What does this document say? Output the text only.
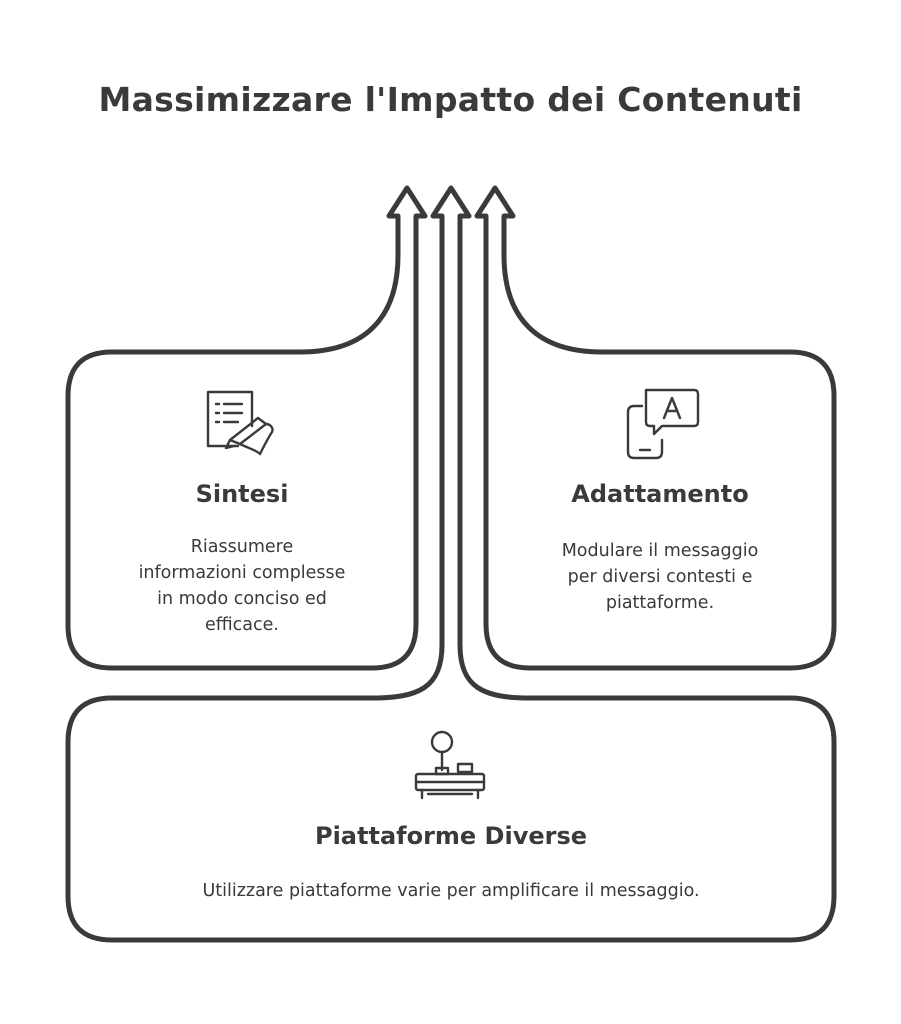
Massimizzare l'Impatto dei Contenuti
Sintesi
Riassumere
informazioni complesse
in modo conciso ed
efficace.
Adattamento
Modulare il messaggio
per diversi contesti e
piattaforme.
Piattaforme Diverse
Utilizzare piattaforme varie per amplificare il messaggio.
